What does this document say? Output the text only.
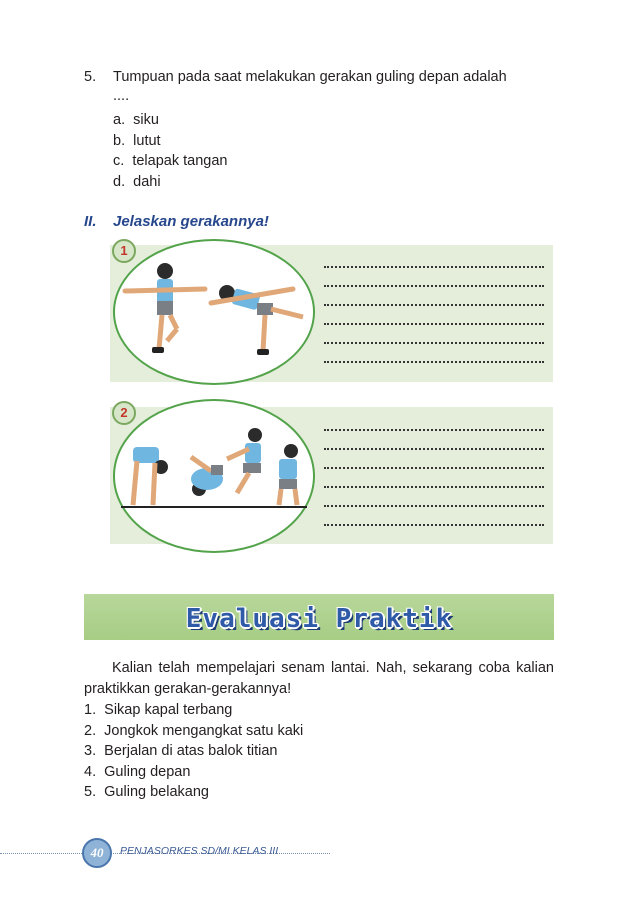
5. Tumpuan pada saat melakukan gerakan guling depan adalah
....
a. siku
b. lutut
c. telapak tangan
d. dahi
II. Jelaskan gerakannya!
1
2
Evaluasi Praktik
Kalian telah mempelajari senam lantai. Nah, sekarang coba kalian praktikkan gerakan-gerakannya!
1. Sikap kapal terbang
2. Jongkok mengangkat satu kaki
3. Berjalan di atas balok titian
4. Guling depan
5. Guling belakang
40	PENJASORKES SD/MI KELAS III
